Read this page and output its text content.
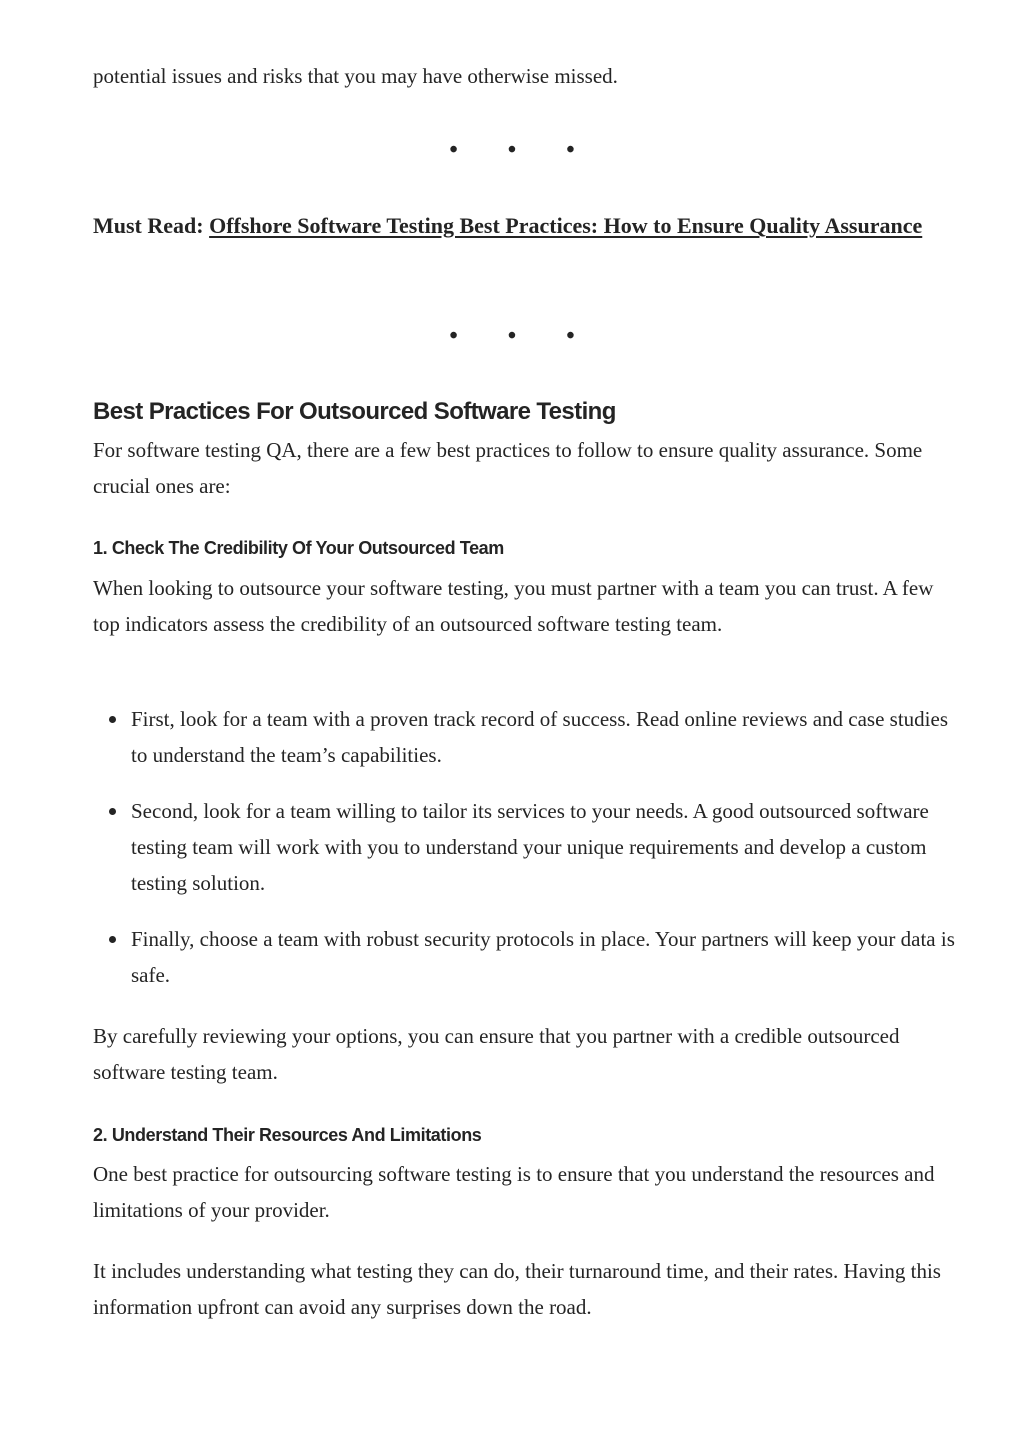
potential issues and risks that you may have otherwise missed.

• • •

Must Read: Offshore Software Testing Best Practices: How to Ensure Quality Assurance

• • •
Best Practices For Outsourced Software Testing

For software testing QA, there are a few best practices to follow to ensure quality assurance. Some crucial ones are:

1. Check The Credibility Of Your Outsourced Team

When looking to outsource your software testing, you must partner with a team you can trust. A few top indicators assess the credibility of an outsourced software testing team.

First, look for a team with a proven track record of success. Read online reviews and case studies to understand the team’s capabilities.
Second, look for a team willing to tailor its services to your needs. A good outsourced software testing team will work with you to understand your unique requirements and develop a custom testing solution.
Finally, choose a team with robust security protocols in place. Your partners will keep your data is safe.

By carefully reviewing your options, you can ensure that you partner with a credible outsourced software testing team.

2. Understand Their Resources And Limitations

One best practice for outsourcing software testing is to ensure that you understand the resources and limitations of your provider.

It includes understanding what testing they can do, their turnaround time, and their rates. Having this information upfront can avoid any surprises down the road.
